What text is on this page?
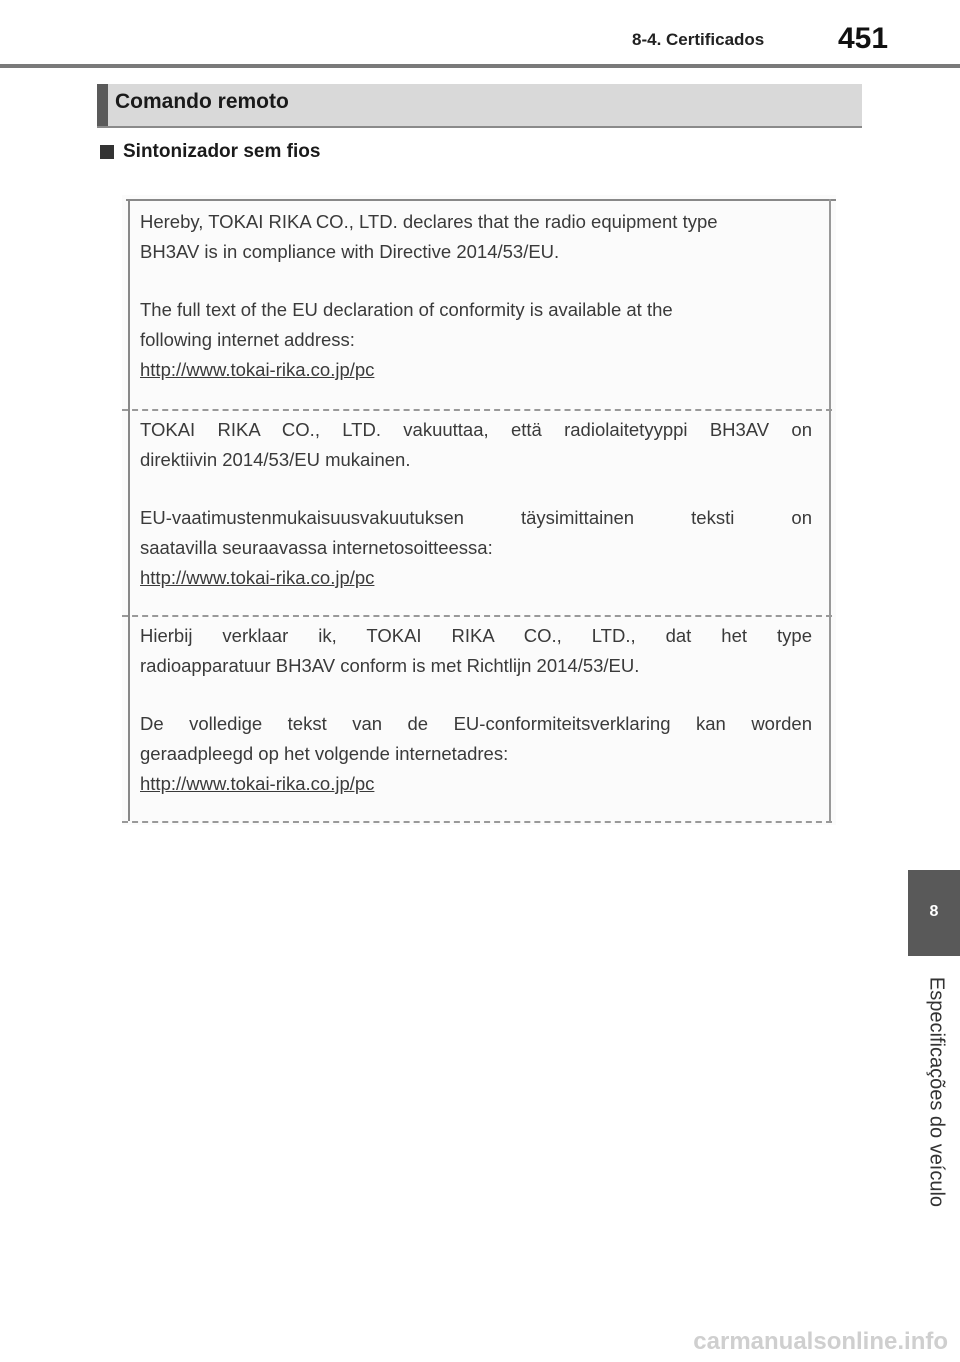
8-4. Certificados 451
Comando remoto
Sintonizador sem fios

Hereby, TOKAI RIKA CO., LTD. declares that the radio equipment type

BH3AV is in compliance with Directive 2014/53/EU.

The full text of the EU declaration of conformity is available at the

following internet address:

http://www.tokai-rika.co.jp/pc

TOKAI RIKA CO., LTD. vakuuttaa, että radiolaitetyyppi BH3AV on

direktiivin 2014/53/EU mukainen.

EU-vaatimustenmukaisuusvakuutuksen täysimittainen teksti on

saatavilla seuraavassa internetosoitteessa:

http://www.tokai-rika.co.jp/pc

Hierbij verklaar ik, TOKAI RIKA CO., LTD., dat het type

radioapparatuur BH3AV conform is met Richtlijn 2014/53/EU.

De volledige tekst van de EU-conformiteitsverklaring kan worden

geraadpleegd op het volgende internetadres:

http://www.tokai-rika.co.jp/pc

8
Especificações do veículo
carmanualsonline.info
